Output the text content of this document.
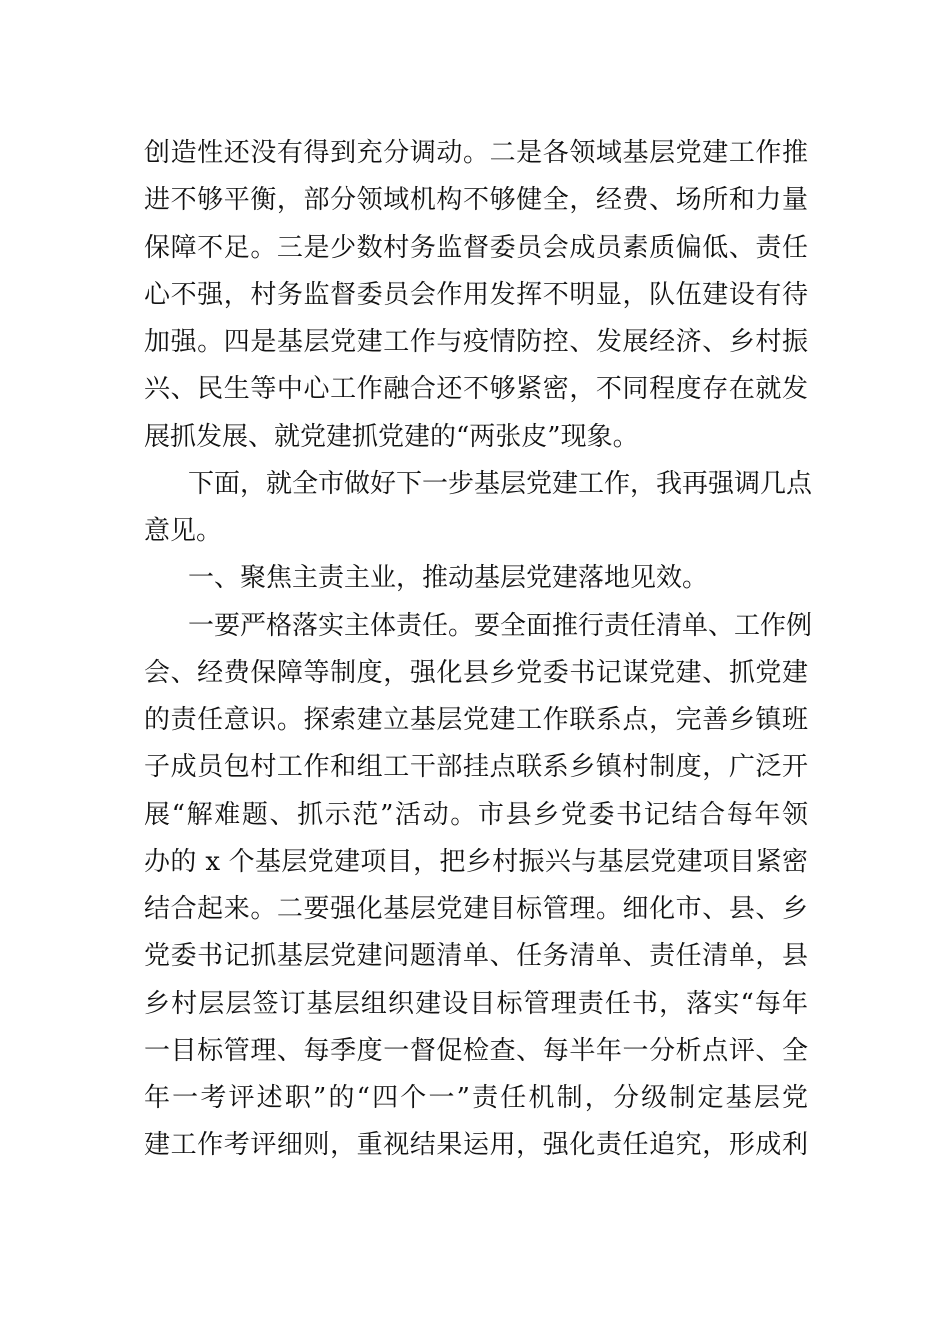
创造性还没有得到充分调动。二是各领域基层党建工作推
进不够平衡，部分领域机构不够健全，经费、场所和力量
保障不足。三是少数村务监督委员会成员素质偏低、责任
心不强，村务监督委员会作用发挥不明显，队伍建设有待
加强。四是基层党建工作与疫情防控、发展经济、乡村振
兴、民生等中心工作融合还不够紧密，不同程度存在就发
展抓发展、就党建抓党建的“两张皮”现象。
下面，就全市做好下一步基层党建工作，我再强调几点
意见。
一、聚焦主责主业，推动基层党建落地见效。
一要严格落实主体责任。要全面推行责任清单、工作例
会、经费保障等制度，强化县乡党委书记谋党建、抓党建
的责任意识。探索建立基层党建工作联系点，完善乡镇班
子成员包村工作和组工干部挂点联系乡镇村制度，广泛开
展“解难题、抓示范”活动。市县乡党委书记结合每年领
办的 x 个基层党建项目，把乡村振兴与基层党建项目紧密
结合起来。二要强化基层党建目标管理。细化市、县、乡
党委书记抓基层党建问题清单、任务清单、责任清单，县
乡村层层签订基层组织建设目标管理责任书，落实“每年
一目标管理、每季度一督促检查、每半年一分析点评、全
年一考评述职”的“四个一”责任机制，分级制定基层党
建工作考评细则，重视结果运用，强化责任追究，形成利
